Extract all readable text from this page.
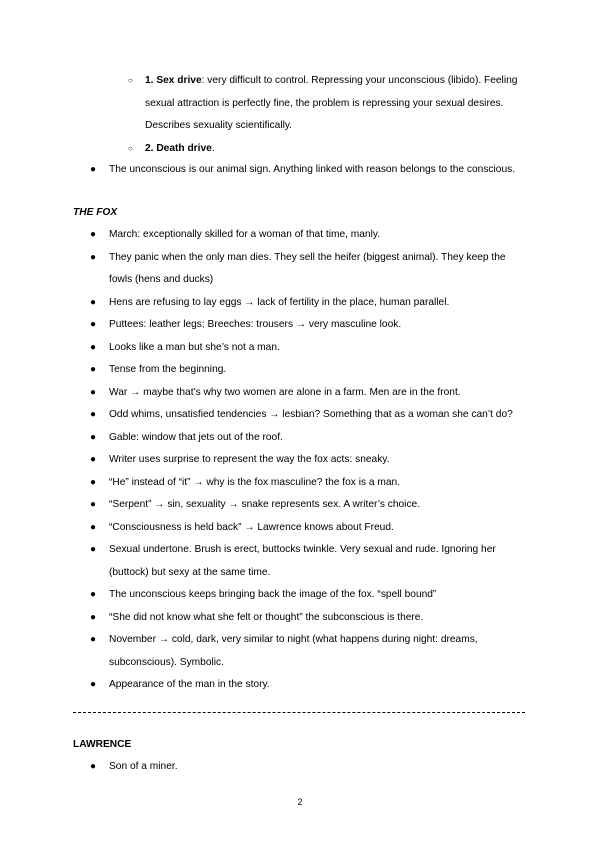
○ 1. Sex drive: very difficult to control. Repressing your unconscious (libido). Feeling sexual attraction is perfectly fine, the problem is repressing your sexual desires. Describes sexuality scientifically.
○ 2. Death drive.
● The unconscious is our animal sign. Anything linked with reason belongs to the conscious.
THE FOX
● March: exceptionally skilled for a woman of that time, manly.
● They panic when the only man dies. They sell the heifer (biggest animal). They keep the fowls (hens and ducks)
● Hens are refusing to lay eggs → lack of fertility in the place, human parallel.
● Puttees: leather legs; Breeches: trousers → very masculine look.
● Looks like a man but she’s not a man.
● Tense from the beginning.
● War → maybe that’s why two women are alone in a farm. Men are in the front.
● Odd whims, unsatisfied tendencies → lesbian? Something that as a woman she can’t do?
● Gable: window that jets out of the roof.
● Writer uses surprise to represent the way the fox acts: sneaky.
● “He” instead of “it” → why is the fox masculine? the fox is a man.
● “Serpent” → sin, sexuality → snake represents sex. A writer’s choice.
● “Consciousness is held back” → Lawrence knows about Freud.
● Sexual undertone. Brush is erect, buttocks twinkle. Very sexual and rude. Ignoring her (buttock) but sexy at the same time.
● The unconscious keeps bringing back the image of the fox. “spell bound”
● “She did not know what she felt or thought” the subconscious is there.
● November → cold, dark, very similar to night (what happens during night: dreams, subconscious). Symbolic.
● Appearance of the man in the story.
LAWRENCE
● Son of a miner.
2
